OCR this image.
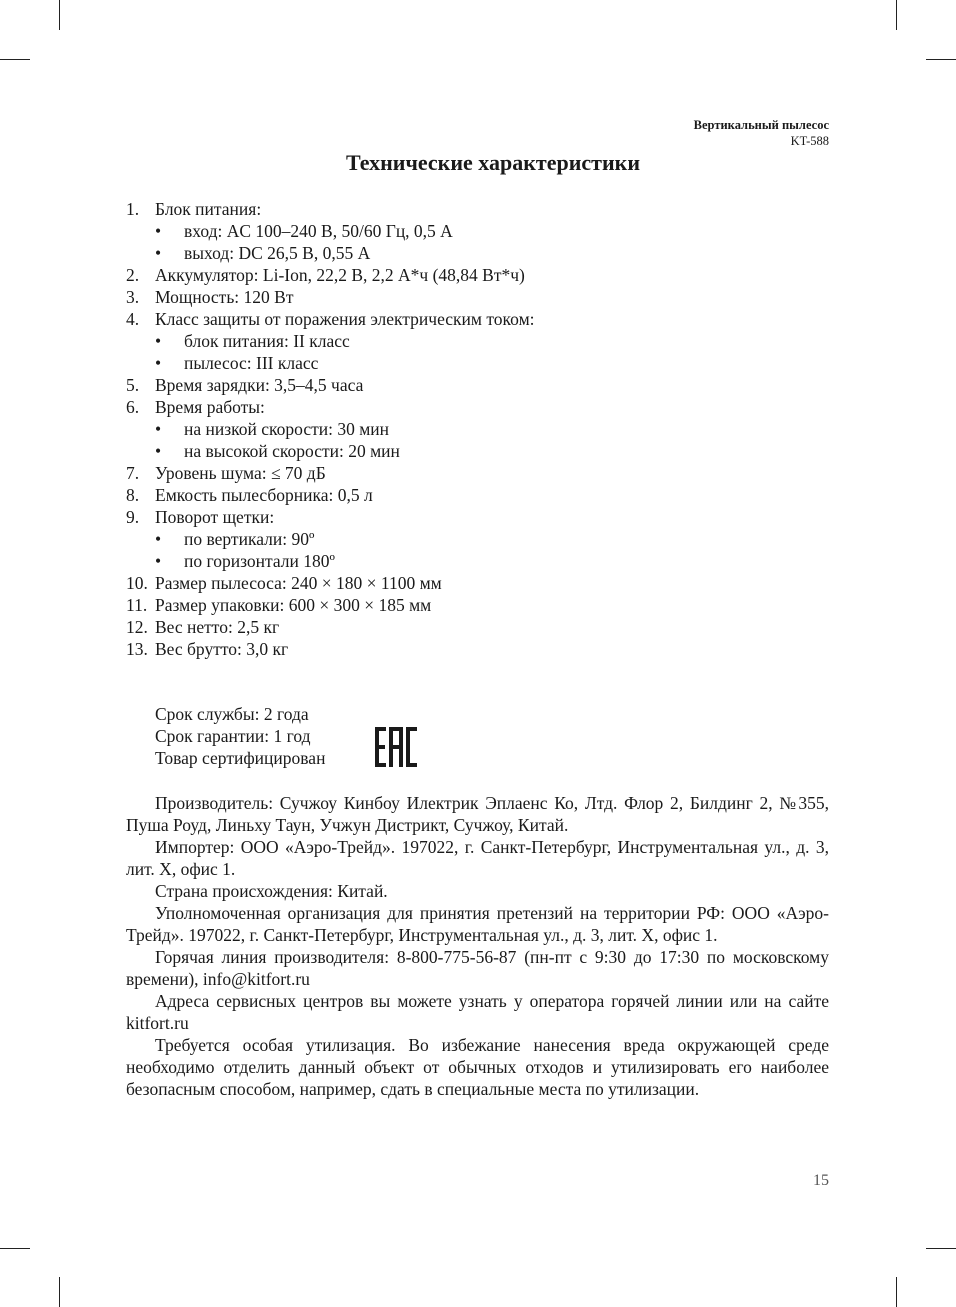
Вертикальный пылесос
KT-588
Технические характеристики
1. Блок питания:
•	вход: AC 100–240 В, 50/60 Гц, 0,5 А
•	выход: DC 26,5 В, 0,55 А
2. Аккумулятор: Li-Ion, 22,2 В, 2,2 А*ч (48,84 Вт*ч)
3. Мощность: 120 Вт
4. Класс защиты от поражения электрическим током:
•	блок питания: II класс
•	пылесос: III класс
5. Время зарядки: 3,5–4,5 часа
6. Время работы:
•	на низкой скорости: 30 мин
•	на высокой скорости: 20 мин
7. Уровень шума: ≤ 70 дБ
8. Емкость пылесборника: 0,5 л
9. Поворот щетки:
•	по вертикали: 90º
•	по горизонтали 180º
10. Размер пылесоса: 240 × 180 × 1100 мм
11. Размер упаковки: 600 × 300 × 185 мм
12. Вес нетто: 2,5 кг
13. Вес брутто: 3,0 кг
Срок службы: 2 года
Срок гарантии: 1 год
Товар сертифицирован

Производитель: Сучжоу Кинбоу Илектрик Эплаенс Ко, Лтд. Флор 2, Билдинг 2, №355, Пуша Роуд, Линьху Таун, Учжун Дистрикт, Сучжоу, Китай.

Импортер: ООО «Аэро-Трейд». 197022, г. Санкт-Петербург, Инструментальная ул., д. 3, лит. Х, офис 1.

Страна происхождения: Китай.

Уполномоченная организация для принятия претензий на территории РФ: ООО «Аэро-Трейд». 197022, г. Санкт-Петербург, Инструментальная ул., д. 3, лит. Х, офис 1.

Горячая линия производителя: 8-800-775-56-87 (пн-пт с 9:30 до 17:30 по московскому времени), info@kitfort.ru

Адреса сервисных центров вы можете узнать у оператора горячей линии или на сайте kitfort.ru

Требуется особая утилизация. Во избежание нанесения вреда окружающей среде необходимо отделить данный объект от обычных отходов и утилизировать его наиболее безопасным способом, например, сдать в специальные места по утилизации.

15
